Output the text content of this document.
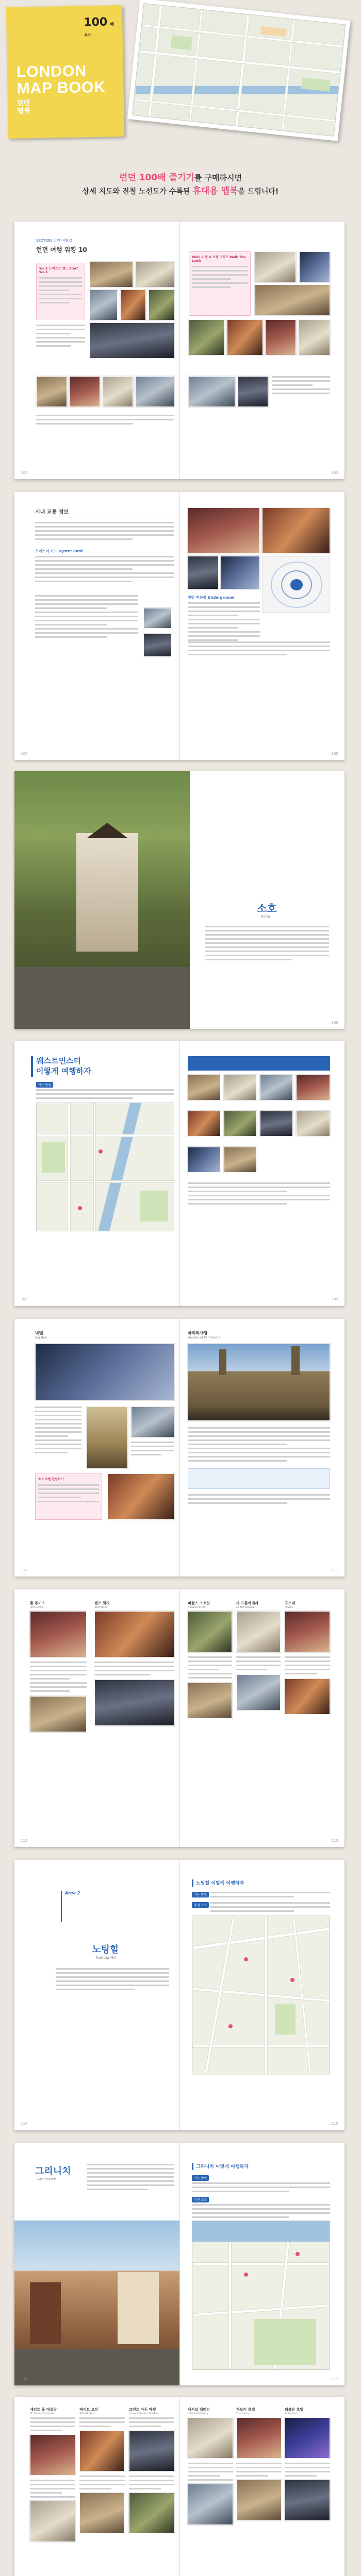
100 배우기
LONDON
MAP BOOK
런던
맵북
런던 100배 즐기기를 구매하시면
상세 지도와 전철 노선도가 수록된 휴대용 맵북을 드립니다!
SECTION 런던 여행 D
런던 여행 워킹 10
Walk 1 웨스트 엔드 Start Walk
Walk 2 램 & 트램 크루즈 Walk The Lamb
102	103
시내 교통 정보
오이스터 카드 Oyster Card
런던 지하철 Underground
104	105
소호
Soho
106
웨스트민스터
이렇게 여행하자
가는 방법
108	109
빅벤
Big Ben
TIP 빅벤 관람하기
국회의사당
Houses of Parliament
110	111
존 루이스
John Lewis
셀프 릿지
Selfridges
버웰스 스트릿
Berwick Street
라 프롬에제리
La Fromagerie
포스테
Foyles
112	113
Area 2
노팅힐
Notting Hill
노팅힐 이렇게 여행하자
가는 방법
추천 코스
114	115
그리니치
Greenwich
그리니치 이렇게 여행하자
가는 방법
추천 코스
116	117
세인트 폴 대성당
St. Paul's Cathedral
테이트 모던
Tate Modern
코벤트 가든 마켓
Covent Garden Market
내셔널 갤러리
National Gallery
사보이 호텔
The Savoy
더블유 호텔
W London
